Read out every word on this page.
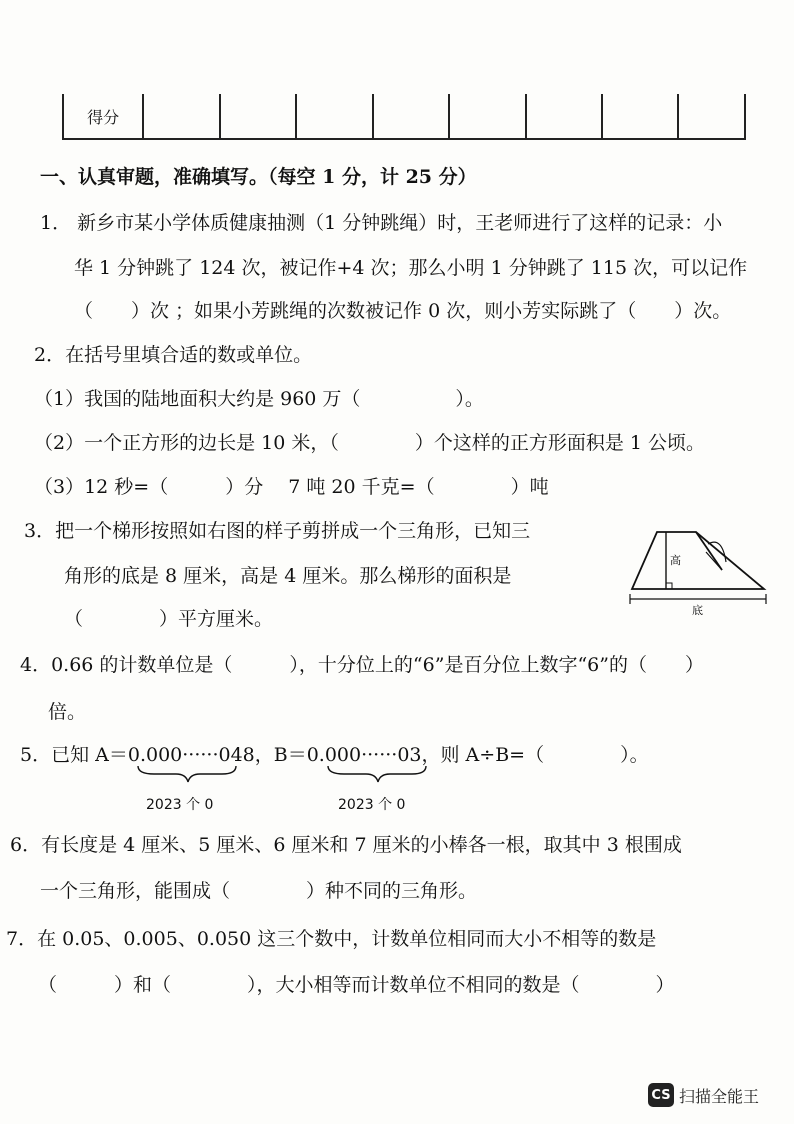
得分
一、认真审题，准确填写。（每空 1 分，计 25 分）
1． 新乡市某小学体质健康抽测（1 分钟跳绳）时，王老师进行了这样的记录：小
华 1 分钟跳了 124 次，被记作+4 次；那么小明 1 分钟跳了 115 次，可以记作
（　　）次 ；如果小芳跳绳的次数被记作 0 次，则小芳实际跳了（　　）次。
2．在括号里填合适的数或单位。
（1）我国的陆地面积大约是 960 万（　　　　　）。
（2）一个正方形的边长是 10 米，（　　　　）个这样的正方形面积是 1 公顷。
（3）12 秒=（　　　）分　 7 吨 20 千克=（　　　　）吨
3．把一个梯形按照如右图的样子剪拼成一个三角形，已知三
角形的底是 8 厘米，高是 4 厘米。那么梯形的面积是
（　　　　）平方厘米。
高
底
4．0.66 的计数单位是（　　　），十分位上的“6”是百分位上数字“6”的（　　）
倍。
5．已知 A＝0.000······048，B＝0.000······03，则 A÷B=（　　　　）。
2023 个 0	2023 个 0
6．有长度是 4 厘米、5 厘米、6 厘米和 7 厘米的小棒各一根，取其中 3 根围成
一个三角形，能围成（　　　　）种不同的三角形。
7．在 0.05、0.005、0.050 这三个数中，计数单位相同而大小不相等的数是
（　　　）和（　　　　），大小相等而计数单位不相同的数是（　　　　）
CS 扫描全能王
